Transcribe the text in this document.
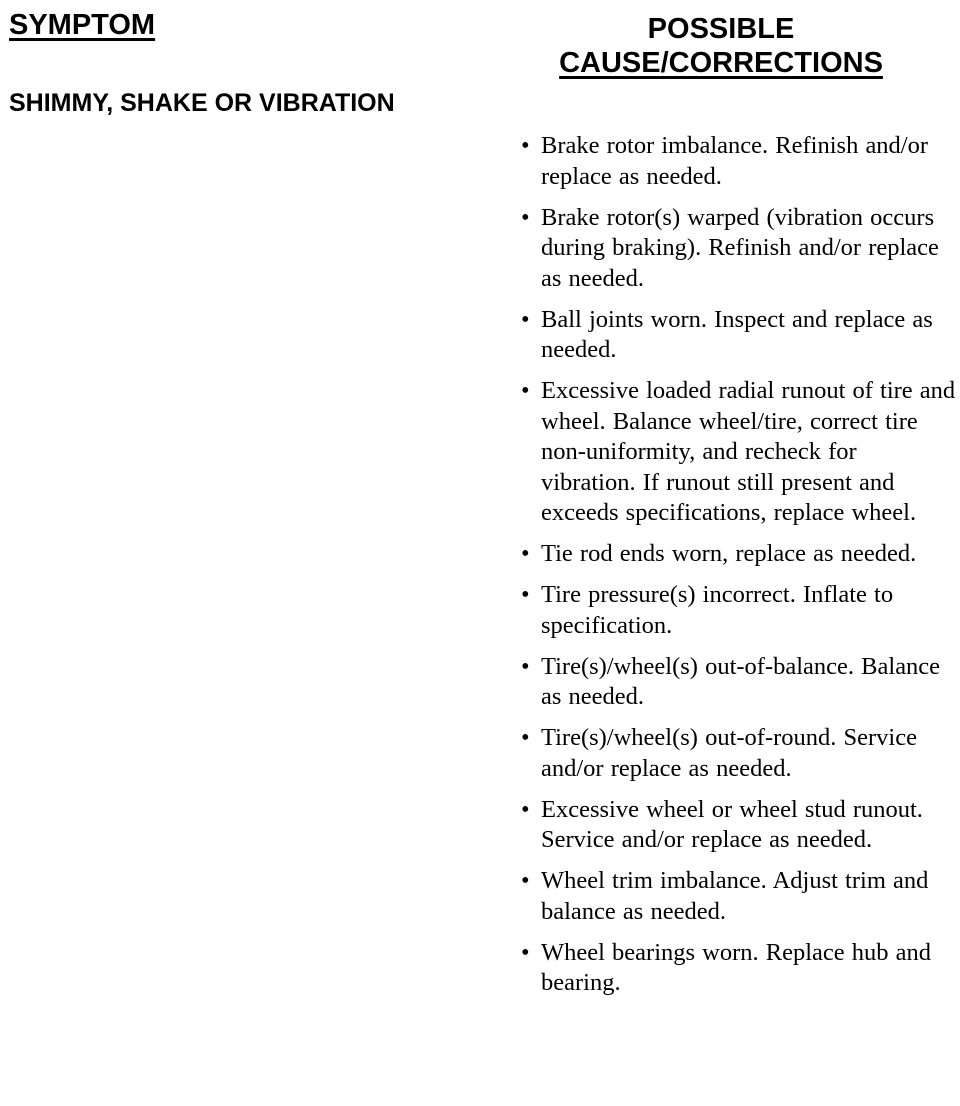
SYMPTOM	POSSIBLE
CAUSE/CORRECTIONS
SHIMMY, SHAKE OR VIBRATION
• Brake rotor imbalance. Refinish and/or replace as needed.
• Brake rotor(s) warped (vibration occurs during braking). Refinish and/or replace as needed.
• Ball joints worn. Inspect and replace as needed.
• Excessive loaded radial runout of tire and wheel. Balance wheel/tire, correct tire non-uniformity, and recheck for vibration. If runout still present and exceeds specifications, replace wheel.
• Tie rod ends worn, replace as needed.
• Tire pressure(s) incorrect. Inflate to specification.
• Tire(s)/wheel(s) out-of-balance. Balance as needed.
• Tire(s)/wheel(s) out-of-round. Service and/or replace as needed.
• Excessive wheel or wheel stud runout. Service and/or replace as needed.
• Wheel trim imbalance. Adjust trim and balance as needed.
• Wheel bearings worn. Replace hub and bearing.
